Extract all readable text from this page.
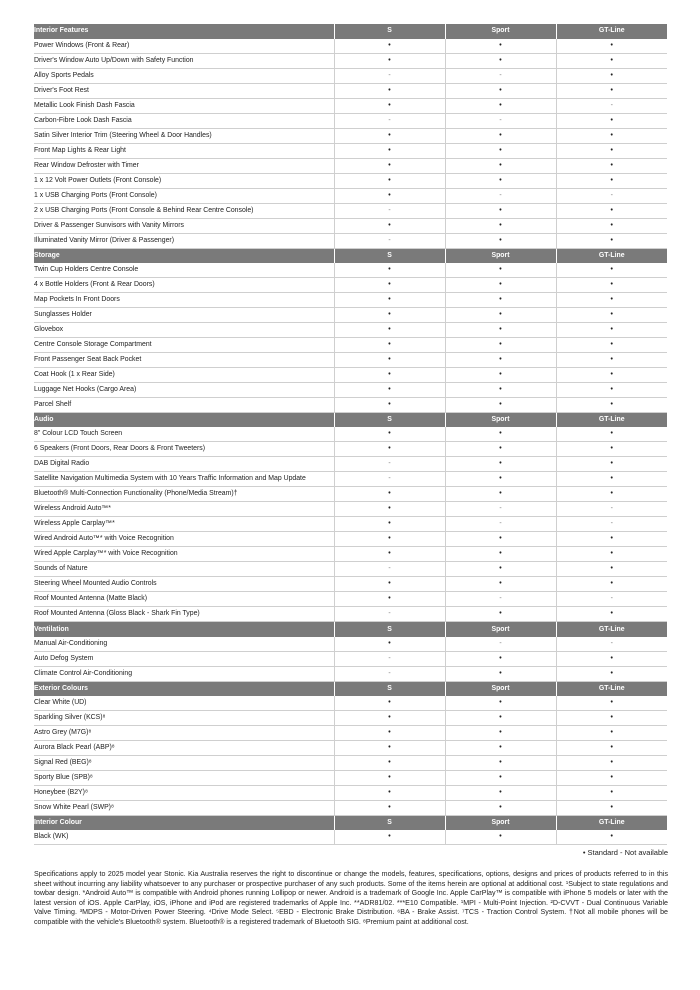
Interior Features	S	Sport	GT-Line
Power Windows (Front & Rear)	•	•	•
Driver's Window Auto Up/Down with Safety Function	•	•	•
Alloy Sports Pedals	-	-	•
Driver's Foot Rest	•	•	•
Metallic Look Finish Dash Fascia	•	•	-
Carbon-Fibre Look Dash Fascia	-	-	•
Satin Silver Interior Trim (Steering Wheel & Door Handles)	•	•	•
Front Map Lights & Rear Light	•	•	•
Rear Window Defroster with Timer	•	•	•
1 x 12 Volt Power Outlets (Front Console)	•	•	•
1 x USB Charging Ports (Front Console)	•	-	-
2 x USB Charging Ports (Front Console & Behind Rear Centre Console)	-	•	•
Driver & Passenger Sunvisors with Vanity Mirrors	•	•	•
Illuminated Vanity Mirror (Driver & Passenger)	-	•	•
Storage	S	Sport	GT-Line
Twin Cup Holders Centre Console	•	•	•
4 x Bottle Holders (Front & Rear Doors)	•	•	•
Map Pockets In Front Doors	•	•	•
Sunglasses Holder	•	•	•
Glovebox	•	•	•
Centre Console Storage Compartment	•	•	•
Front Passenger Seat Back Pocket	•	•	•
Coat Hook (1 x Rear Side)	•	•	•
Luggage Net Hooks (Cargo Area)	•	•	•
Parcel Shelf	•	•	•
Audio	S	Sport	GT-Line
8" Colour LCD Touch Screen	•	•	•
6 Speakers (Front Doors, Rear Doors & Front Tweeters)	•	•	•
DAB Digital Radio	-	•	•
Satellite Navigation Multimedia System with 10 Years Traffic Information and Map Update	-	•	•
Bluetooth® Multi-Connection Functionality (Phone/Media Stream)†	•	•	•
Wireless Android Auto™*	•	-	-
Wireless Apple Carplay™*	•	-	-
Wired Android Auto™* with Voice Recognition	•	•	•
Wired Apple Carplay™* with Voice Recognition	•	•	•
Sounds of Nature	-	•	•
Steering Wheel Mounted Audio Controls	•	•	•
Roof Mounted Antenna (Matte Black)	•	-	-
Roof Mounted Antenna (Gloss Black - Shark Fin Type)	-	•	•
Ventilation	S	Sport	GT-Line
Manual Air-Conditioning	•	-	-
Auto Defog System	-	•	•
Climate Control Air-Conditioning	-	•	•
Exterior Colours	S	Sport	GT-Line
Clear White (UD)	•	•	•
Sparkling Silver (KCS)⁸	•	•	•
Astro Grey (M7G)⁸	•	•	•
Aurora Black Pearl (ABP)⁸	•	•	•
Signal Red (BEG)⁸	•	•	•
Sporty Blue (SPB)⁸	•	•	•
Honeybee (B2Y)⁸	•	•	•
Snow White Pearl (SWP)⁸	•	•	•
Interior Colour	S	Sport	GT-Line
Black (WK)	•	•	•
• Standard - Not available
Specifications apply to 2025 model year Stonic. Kia Australia reserves the right to discontinue or change the models, features, specifications, options, designs and prices of products referred to in this sheet without incurring any liability whatsoever to any purchaser or prospective purchaser of any such products. Some of the items herein are optional at additional cost. ¹Subject to state regulations and towbar design. *Android Auto™ is compatible with Android phones running Lollipop or newer. Android is a trademark of Google Inc. Apple CarPlay™ is compatible with iPhone 5 models or later with the latest version of iOS. Apple CarPlay, iOS, iPhone and iPod are registered trademarks of Apple Inc. **ADR81/02. ***E10 Compatible. ¹MPI - Multi-Point Injection. ²D-CVVT - Dual Continuous Variable Valve Timing. ³MDPS - Motor-Driven Power Steering. ⁴Drive Mode Select. ⁵EBD - Electronic Brake Distribution. ⁶BA - Brake Assist. ⁷TCS - Traction Control System. †Not all mobile phones will be compatible with the vehicle's Bluetooth® system. Bluetooth® is a registered trademark of Bluetooth SIG. ⁸Premium paint at additional cost.
